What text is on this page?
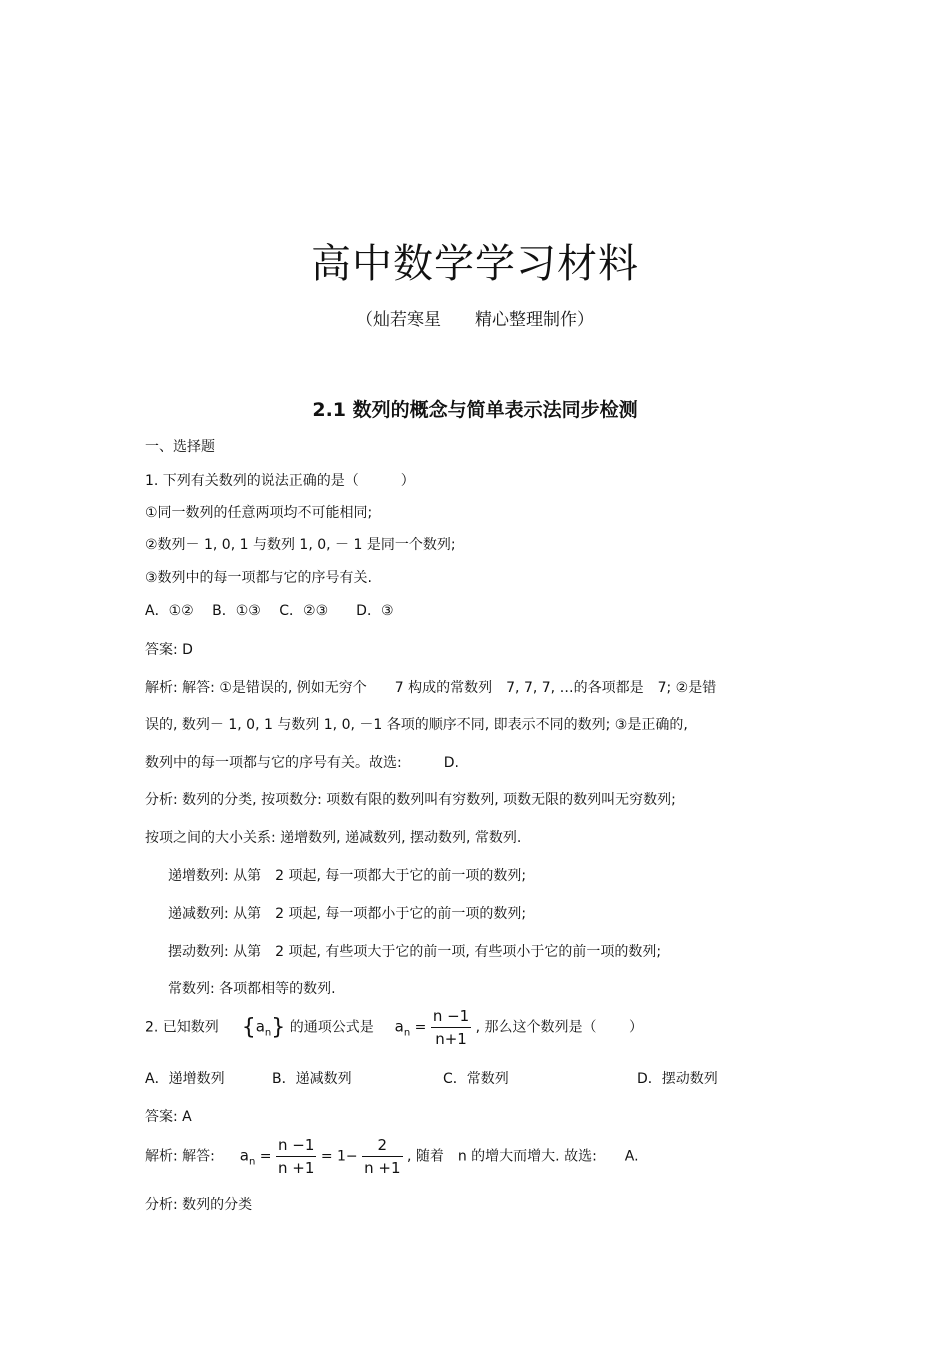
高中数学学习材料
（灿若寒星　　精心整理制作）
2.1 数列的概念与简单表示法同步检测
一、选择题
1. 下列有关数列的说法正确的是（　　　）
①同一数列的任意两项均不可能相同;
②数列－ 1, 0, 1 与数列 1, 0, － 1 是同一个数列;
③数列中的每一项都与它的序号有关.
A．①②　 B．①③　 C．②③　　D．③
答案: D
解析: 解答: ①是错误的, 例如无穷个　　7 构成的常数列　7, 7, 7, …的各项都是　7; ②是错
误的, 数列－ 1, 0, 1 与数列 1, 0, －1 各项的顺序不同, 即表示不同的数列; ③是正确的,
数列中的每一项都与它的序号有关。故选:　　　D.
分析: 数列的分类, 按项数分: 项数有限的数列叫有穷数列, 项数无限的数列叫无穷数列;
按项之间的大小关系: 递增数列, 递减数列, 摆动数列, 常数列.
递增数列: 从第　2 项起, 每一项都大于它的前一项的数列;
递减数列: 从第　2 项起, 每一项都小于它的前一项的数列;
摆动数列: 从第　2 项起, 有些项大于它的前一项, 有些项小于它的前一项的数列;
常数列: 各项都相等的数列.
2. 已知数列 $\{a_n\}$ 的通项公式是 $a_n = \frac{n -1}{n+1}$ , 那么这个数列是（　　 ）
A．递增数列	B．递减数列	C．常数列	D．摆动数列
答案: A
解析: 解答: $a_n = \frac{n -1}{n +1} = 1- \frac{2}{n +1}$ , 随着　n 的增大而增大. 故选:　　A.
分析: 数列的分类
